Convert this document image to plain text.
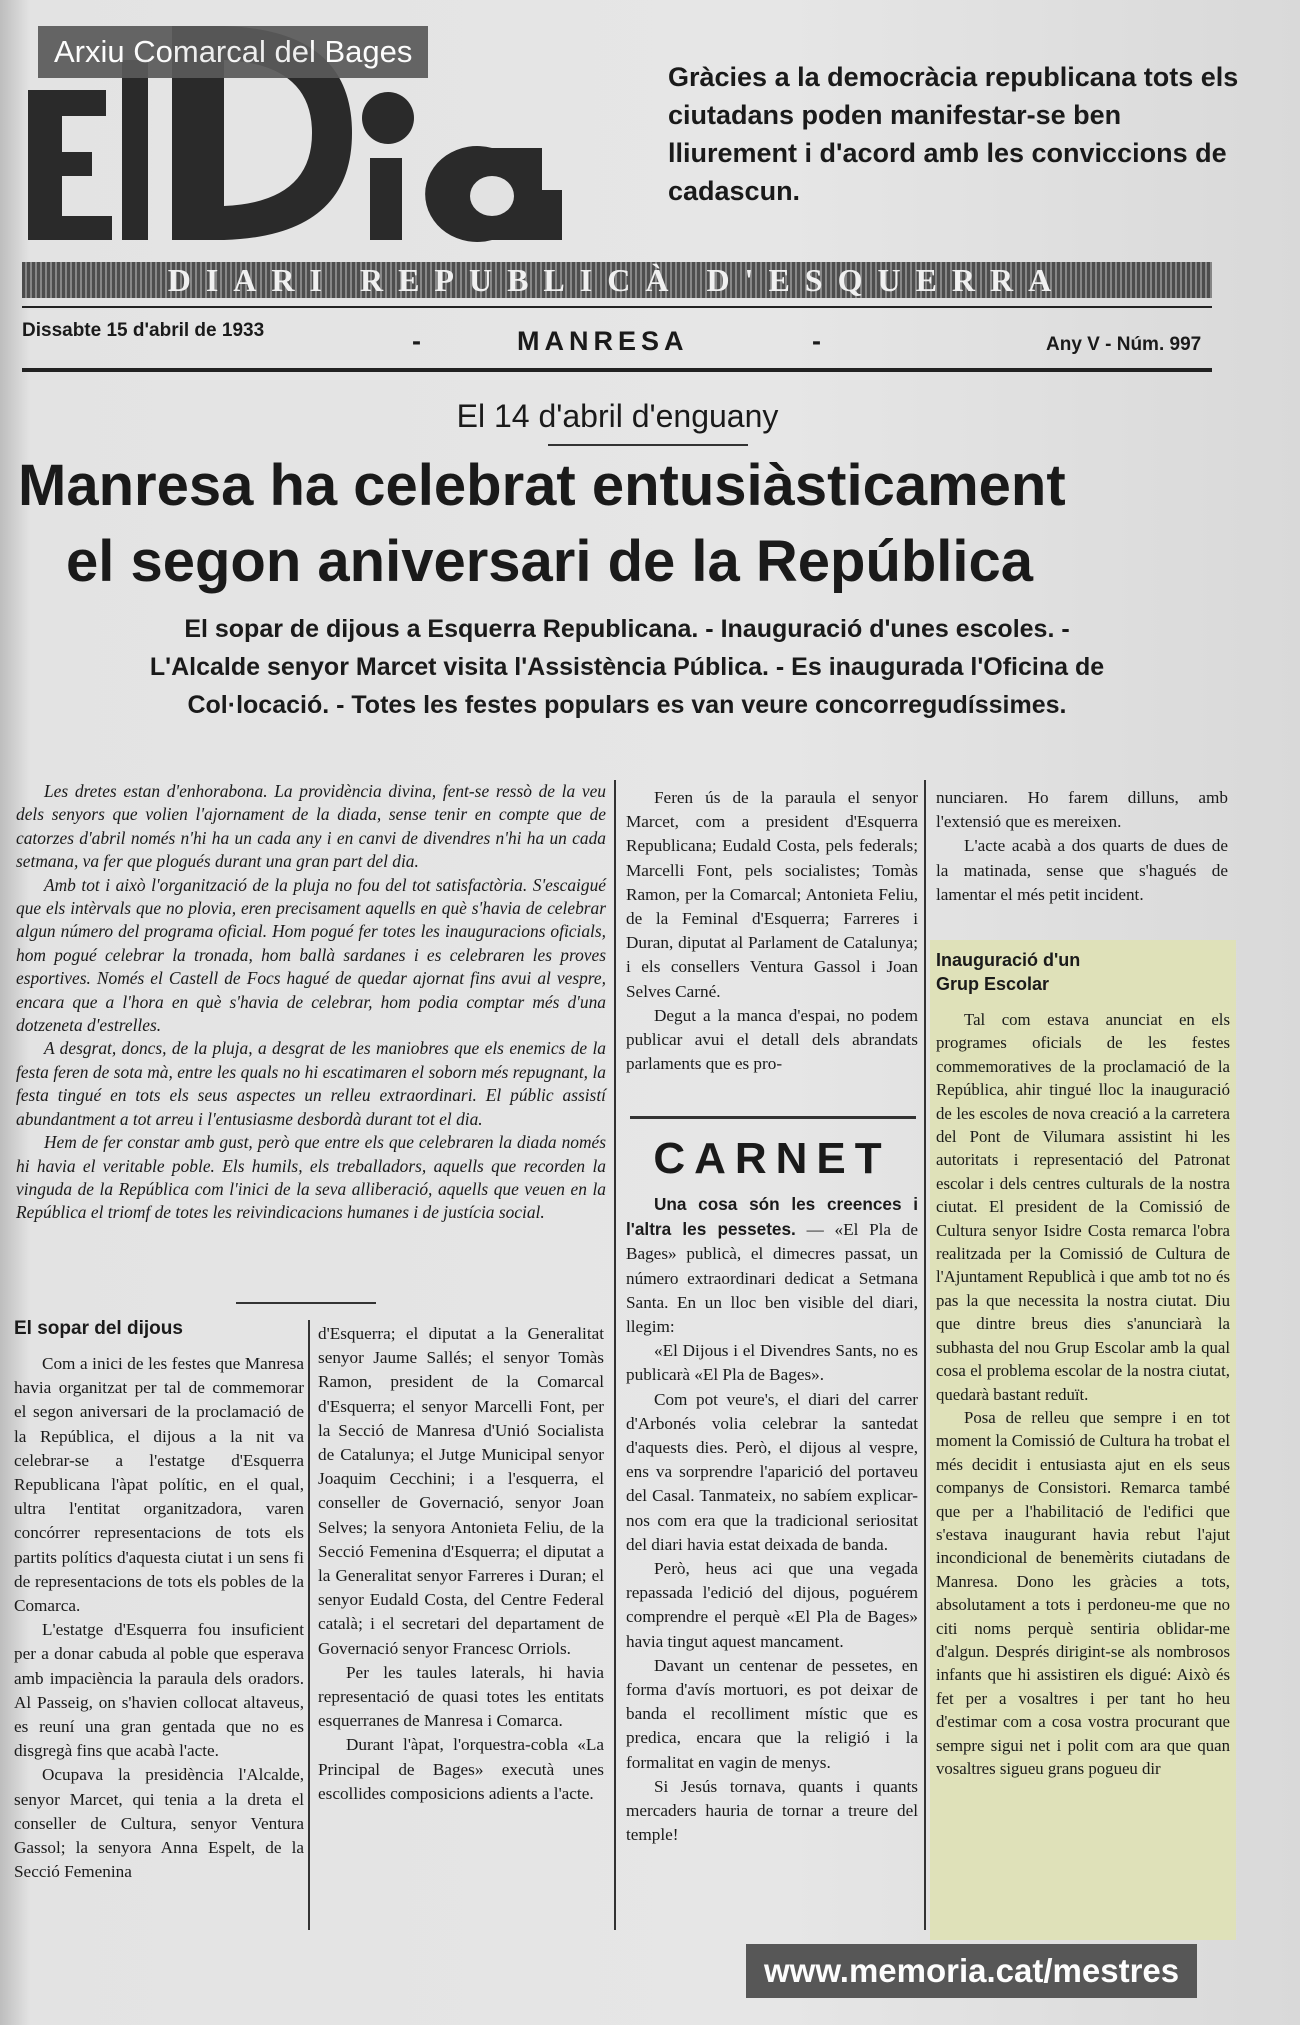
Arxiu Comarcal del Bages
Gràcies a la democràcia republicana tots els ciutadans poden manifestar-se ben lliurement i d'acord amb les conviccions de cadascun.
DIARI REPUBLICÀ D'ESQUERRA
Dissabte 15 d'abril de 1933	-	MANRESA	-	Any V - Núm. 997
El 14 d'abril d'enguany
Manresa ha celebrat entusiàsticament
el segon aniversari de la República
El sopar de dijous a Esquerra Republicana. - Inauguració d'unes escoles. - L'Alcalde senyor Marcet visita l'Assistència Pública. - Es inaugurada l'Oficina de Col·locació. - Totes les festes populars es van veure concorregudíssimes.

Les dretes estan d'enhorabona. La providència divina, fent-se ressò de la veu dels senyors que volien l'ajornament de la diada, sense tenir en compte que de catorzes d'abril només n'hi ha un cada any i en canvi de divendres n'hi ha un cada setmana, va fer que plogués durant una gran part del dia.

Amb tot i això l'organització de la pluja no fou del tot satisfactòria. S'escaigué que els intèrvals que no plovia, eren precisament aquells en què s'havia de celebrar algun número del programa oficial. Hom pogué fer totes les inauguracions oficials, hom pogué celebrar la tronada, hom ballà sardanes i es celebraren les proves esportives. Només el Castell de Focs hagué de quedar ajornat fins avui al vespre, encara que a l'hora en què s'havia de celebrar, hom podia comptar més d'una dotzeneta d'estrelles.

A desgrat, doncs, de la pluja, a desgrat de les maniobres que els enemics de la festa feren de sota mà, entre les quals no hi escatimaren el soborn més repugnant, la festa tingué en tots els seus aspectes un relleu extraordinari. El públic assistí abundantment a tot arreu i l'entusiasme desbordà durant tot el dia.

Hem de fer constar amb gust, però que entre els que celebraren la diada només hi havia el veritable poble. Els humils, els treballadors, aquells que recorden la vinguda de la República com l'inici de la seva alliberació, aquells que veuen en la República el triomf de totes les reivindicacions humanes i de justícia social.

El sopar del dijous

Com a inici de les festes que Manresa havia organitzat per tal de commemorar el segon aniversari de la proclamació de la República, el dijous a la nit va celebrar-se a l'estatge d'Esquerra Republicana l'àpat polític, en el qual, ultra l'entitat organitzadora, varen concórrer representacions de tots els partits polítics d'aquesta ciutat i un sens fi de representacions de tots els pobles de la Comarca.

L'estatge d'Esquerra fou insuficient per a donar cabuda al poble que esperava amb impaciència la paraula dels oradors. Al Passeig, on s'havien collocat altaveus, es reuní una gran gentada que no es disgregà fins que acabà l'acte.

Ocupava la presidència l'Alcalde, senyor Marcet, qui tenia a la dreta el conseller de Cultura, senyor Ventura Gassol; la senyora Anna Espelt, de la Secció Femenina

d'Esquerra; el diputat a la Generalitat senyor Jaume Sallés; el senyor Tomàs Ramon, president de la Comarcal d'Esquerra; el senyor Marcelli Font, per la Secció de Manresa d'Unió Socialista de Catalunya; el Jutge Municipal senyor Joaquim Cecchini; i a l'esquerra, el conseller de Governació, senyor Joan Selves; la senyora Antonieta Feliu, de la Secció Femenina d'Esquerra; el diputat a la Generalitat senyor Farreres i Duran; el senyor Eudald Costa, del Centre Federal català; i el secretari del departament de Governació senyor Francesc Orriols.

Per les taules laterals, hi havia representació de quasi totes les entitats esquerranes de Manresa i Comarca.

Durant l'àpat, l'orquestra-cobla «La Principal de Bages» executà unes escollides composicions adients a l'acte.

Feren ús de la paraula el senyor Marcet, com a president d'Esquerra Republicana; Eudald Costa, pels federals; Marcelli Font, pels socialistes; Tomàs Ramon, per la Comarcal; Antonieta Feliu, de la Feminal d'Esquerra; Farreres i Duran, diputat al Parlament de Catalunya; i els consellers Ventura Gassol i Joan Selves Carné.

Degut a la manca d'espai, no podem publicar avui el detall dels abrandats parlaments que es pro-

CARNET

Una cosa són les creences i l'altra les pessetes. — «El Pla de Bages» publicà, el dimecres passat, un número extraordinari dedicat a Setmana Santa. En un lloc ben visible del diari, llegim:

«El Dijous i el Divendres Sants, no es publicarà «El Pla de Bages».

Com pot veure's, el diari del carrer d'Arbonés volia celebrar la santedat d'aquests dies. Però, el dijous al vespre, ens va sorprendre l'aparició del portaveu del Casal. Tanmateix, no sabíem explicar-nos com era que la tradicional seriositat del diari havia estat deixada de banda.

Però, heus aci que una vegada repassada l'edició del dijous, poguérem comprendre el perquè «El Pla de Bages» havia tingut aquest mancament.

Davant un centenar de pessetes, en forma d'avís mortuori, es pot deixar de banda el recolliment místic que es predica, encara que la religió i la formalitat en vagin de menys.

Si Jesús tornava, quants i quants mercaders hauria de tornar a treure del temple!

nunciaren. Ho farem dilluns, amb l'extensió que es mereixen.

L'acte acabà a dos quarts de dues de la matinada, sense que s'hagués de lamentar el més petit incident.

Inauguració d'un Grup Escolar

Tal com estava anunciat en els programes oficials de les festes commemoratives de la proclamació de la República, ahir tingué lloc la inauguració de les escoles de nova creació a la carretera del Pont de Vilumara assistint hi les autoritats i representació del Patronat escolar i dels centres culturals de la nostra ciutat. El president de la Comissió de Cultura senyor Isidre Costa remarca l'obra realitzada per la Comissió de Cultura de l'Ajuntament Republicà i que amb tot no és pas la que necessita la nostra ciutat. Diu que dintre breus dies s'anunciarà la subhasta del nou Grup Escolar amb la qual cosa el problema escolar de la nostra ciutat, quedarà bastant reduït.

Posa de relleu que sempre i en tot moment la Comissió de Cultura ha trobat el més decidit i entusiasta ajut en els seus companys de Consistori. Remarca també que per a l'habilitació de l'edifici que s'estava inaugurant havia rebut l'ajut incondicional de benemèrits ciutadans de Manresa. Dono les gràcies a tots, absolutament a tots i perdoneu-me que no citi noms perquè sentiria oblidar-me d'algun. Després dirigint-se als nombrosos infants que hi assistiren els digué: Això és fet per a vosaltres i per tant ho heu d'estimar com a cosa vostra procurant que sempre sigui net i polit com ara que quan vosaltres sigueu grans pogueu dir

www.memoria.cat/mestres
